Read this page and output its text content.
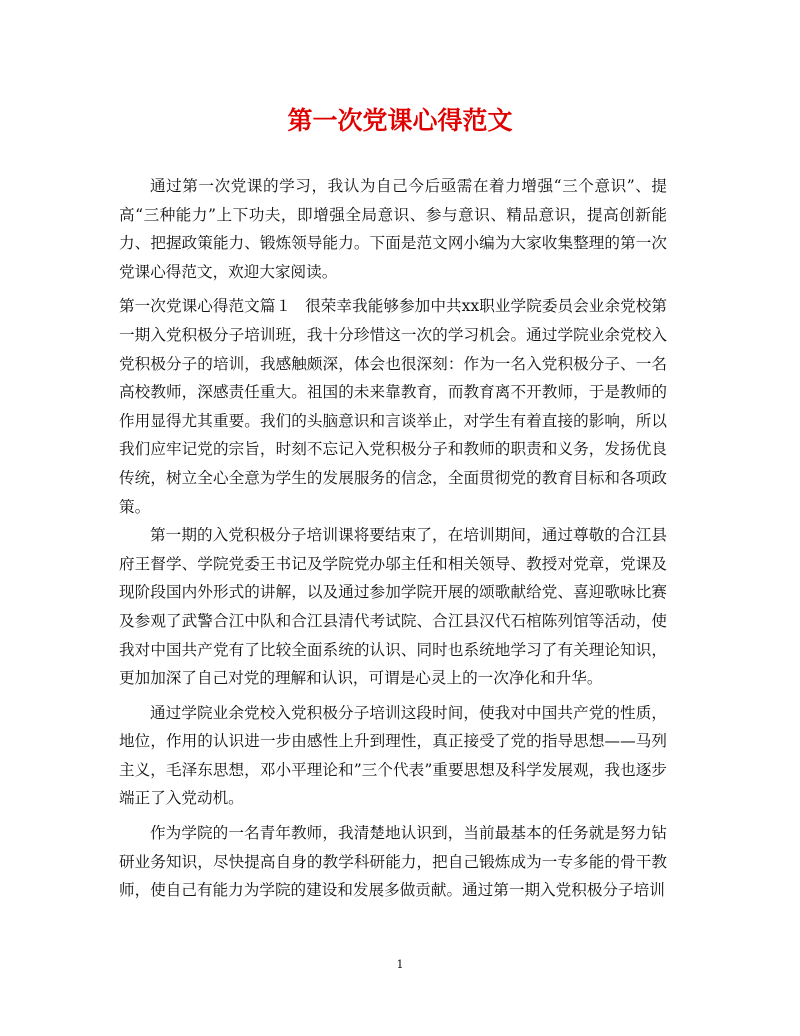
第一次党课心得范文

通过第一次党课的学习，我认为自己今后亟需在着力增强“三个意识”、提高“三种能力”上下功夫，即增强全局意识、参与意识、精品意识，提高创新能力、把握政策能力、锻炼领导能力。下面是范文网小编为大家收集整理的第一次党课心得范文，欢迎大家阅读。

第一次党课心得范文篇１ 很荣幸我能够参加中共xx职业学院委员会业余党校第一期入党积极分子培训班，我十分珍惜这一次的学习机会。通过学院业余党校入党积极分子的培训，我感触颇深，体会也很深刻：作为一名入党积极分子、一名高校教师，深感责任重大。祖国的未来靠教育，而教育离不开教师，于是教师的作用显得尤其重要。我们的头脑意识和言谈举止，对学生有着直接的影响，所以我们应牢记党的宗旨，时刻不忘记入党积极分子和教师的职责和义务，发扬优良传统，树立全心全意为学生的发展服务的信念，全面贯彻党的教育目标和各项政策。

第一期的入党积极分子培训课将要结束了，在培训期间，通过尊敬的合江县府王督学、学院党委王书记及学院党办邬主任和相关领导、教授对党章，党课及现阶段国内外形式的讲解，以及通过参加学院开展的颂歌献给党、喜迎歌咏比赛及参观了武警合江中队和合江县清代考试院、合江县汉代石棺陈列馆等活动，使我对中国共产党有了比较全面系统的认识、同时也系统地学习了有关理论知识，更加加深了自己对党的理解和认识，可谓是心灵上的一次净化和升华。

通过学院业余党校入党积极分子培训这段时间，使我对中国共产党的性质，地位，作用的认识进一步由感性上升到理性，真正接受了党的指导思想——马列主义，毛泽东思想，邓小平理论和”三个代表”重要思想及科学发展观，我也逐步端正了入党动机。

作为学院的一名青年教师，我清楚地认识到，当前最基本的任务就是努力钻研业务知识，尽快提高自身的教学科研能力，把自己锻炼成为一专多能的骨干教师，使自己有能力为学院的建设和发展多做贡献。通过第一期入党积极分子培训

1
